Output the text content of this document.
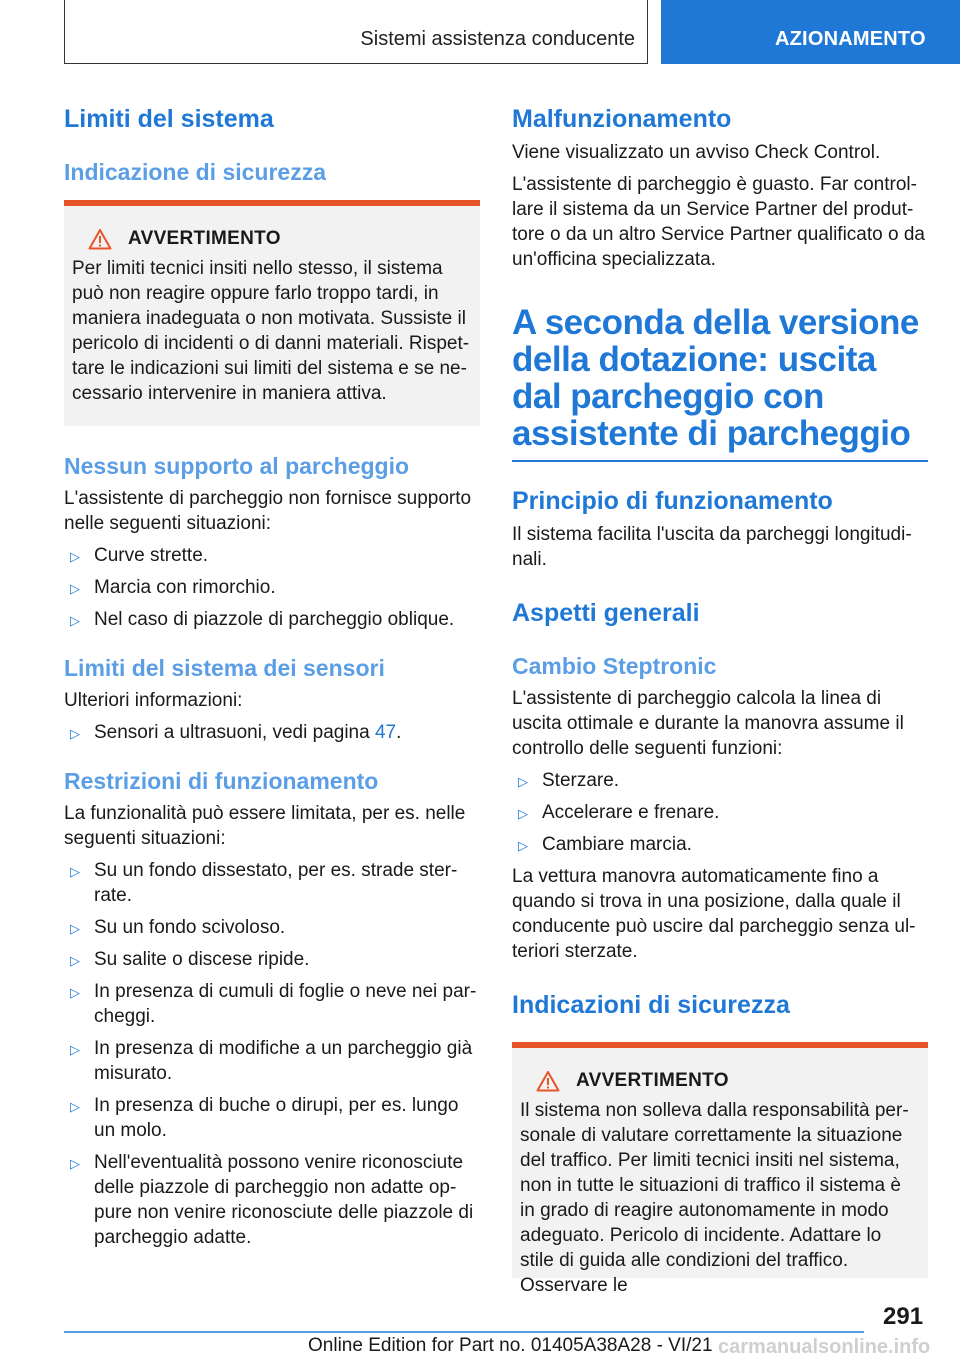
Sistemi assistenza conducente	AZIONAMENTO
Limiti del sistema
Indicazione di sicurezza
AVVERTIMENTO

Per limiti tecnici insiti nello stesso, il sistema può non reagire oppure farlo troppo tardi, in maniera inadeguata o non motivata. Sussiste il pericolo di incidenti o di danni materiali. Rispettare le indicazioni sui limiti del sistema e se necessario intervenire in maniera attiva.

Nessun supporto al parcheggio

L'assistente di parcheggio non fornisce supporto nelle seguenti situazioni:

▷ Curve strette.
▷ Marcia con rimorchio.
▷ Nel caso di piazzole di parcheggio oblique.
Limiti del sistema dei sensori

Ulteriori informazioni:

▷ Sensori a ultrasuoni, vedi pagina 47.
Restrizioni di funzionamento

La funzionalità può essere limitata, per es. nelle seguenti situazioni:

▷ Su un fondo dissestato, per es. strade sterrate.
▷ Su un fondo scivoloso.
▷ Su salite o discese ripide.
▷ In presenza di cumuli di foglie o neve nei parcheggi.
▷ In presenza di modifiche a un parcheggio già misurato.
▷ In presenza di buche o dirupi, per es. lungo un molo.
▷ Nell'eventualità possono venire riconosciute delle piazzole di parcheggio non adatte oppure non venire riconosciute delle piazzole di parcheggio adatte.
Malfunzionamento

Viene visualizzato un avviso Check Control.

L'assistente di parcheggio è guasto. Far controllare il sistema da un Service Partner del produttore o da un altro Service Partner qualificato o da un'officina specializzata.

A seconda della versione della dotazione: uscita dal parcheggio con assistente di parcheggio
Principio di funzionamento

Il sistema facilita l'uscita da parcheggi longitudinali.

Aspetti generali
Cambio Steptronic

L'assistente di parcheggio calcola la linea di uscita ottimale e durante la manovra assume il controllo delle seguenti funzioni:

▷ Sterzare.
▷ Accelerare e frenare.
▷ Cambiare marcia.

La vettura manovra automaticamente fino a quando si trova in una posizione, dalla quale il conducente può uscire dal parcheggio senza ulteriori sterzate.

Indicazioni di sicurezza
AVVERTIMENTO

Il sistema non solleva dalla responsabilità personale di valutare correttamente la situazione del traffico. Per limiti tecnici insiti nel sistema, non in tutte le situazioni di traffico il sistema è in grado di reagire autonomamente in modo adeguato. Pericolo di incidente. Adattare lo stile di guida alle condizioni del traffico. Osservare le

291
Online Edition for Part no. 01405A38A28 - VI/21 carmanualsonline.info
